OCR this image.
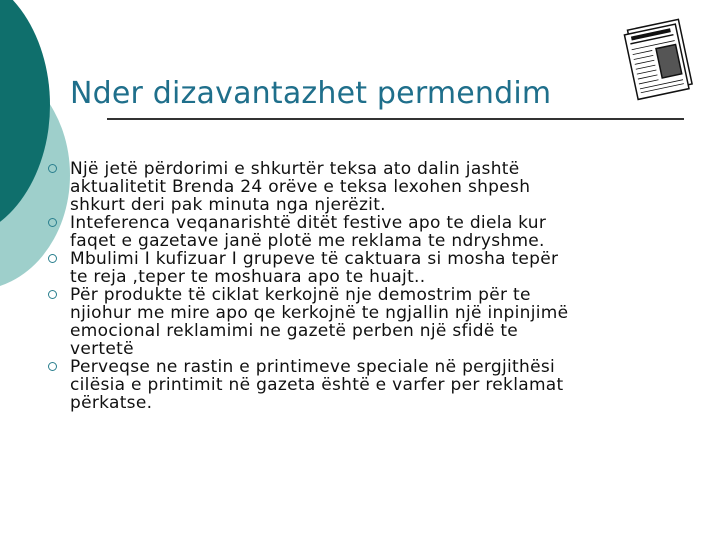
Nder dizavantazhet permendim
Një jetë përdorimi e shkurtër teksa ato dalin jashtë
aktualitetit Brenda 24 orëve e teksa lexohen shpesh
shkurt deri pak minuta nga njerëzit.
Inteferenca veqanarishtë ditët festive apo te diela kur
faqet e gazetave janë plotë me reklama te ndryshme.
Mbulimi I kufizuar I grupeve të caktuara si mosha tepër
te reja ,teper te moshuara apo te huajt..
Për produkte të ciklat kerkojnë nje demostrim për te
njiohur me mire apo qe kerkojnë te ngjallin një inpinjimë
emocional reklamimi ne gazetë perben një sfidë te
vertetë
Perveqse ne rastin e printimeve speciale në pergjithësi
cilësia e printimit në gazeta është e varfer per reklamat
përkatse.
